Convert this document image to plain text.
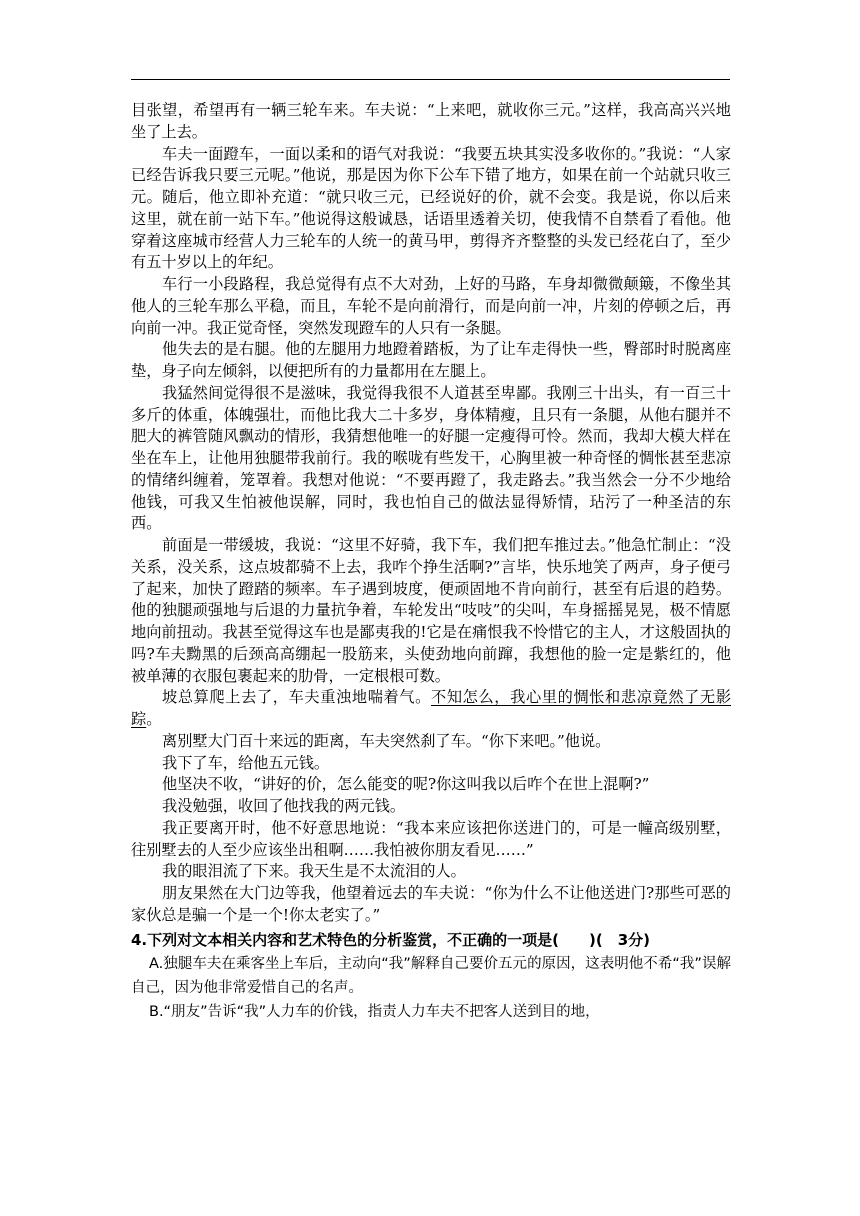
目张望，希望再有一辆三轮车来。车夫说：“上来吧，就收你三元。”这样，我高高兴兴地坐了上去。

车夫一面蹬车，一面以柔和的语气对我说：“我要五块其实没多收你的。”我说：“人家已经告诉我只要三元呢。”他说，那是因为你下公车下错了地方，如果在前一个站就只收三元。随后，他立即补充道：“就只收三元，已经说好的价，就不会变。我是说，你以后来这里，就在前一站下车。”他说得这般诚恳，话语里透着关切，使我情不自禁看了看他。他穿着这座城市经营人力三轮车的人统一的黄马甲，剪得齐齐整整的头发已经花白了，至少有五十岁以上的年纪。

车行一小段路程，我总觉得有点不大对劲，上好的马路，车身却微微颠簸，不像坐其他人的三轮车那么平稳，而且，车轮不是向前滑行，而是向前一冲，片刻的停顿之后，再向前一冲。我正觉奇怪，突然发现蹬车的人只有一条腿。

他失去的是右腿。他的左腿用力地蹬着踏板，为了让车走得快一些，臀部时时脱离座垫，身子向左倾斜，以便把所有的力量都用在左腿上。

我猛然间觉得很不是滋味，我觉得我很不人道甚至卑鄙。我刚三十出头，有一百三十多斤的体重，体魄强壮，而他比我大二十多岁，身体精瘦，且只有一条腿，从他右腿并不肥大的裤管随风飘动的情形，我猜想他唯一的好腿一定瘦得可怜。然而，我却大模大样在坐在车上，让他用独腿带我前行。我的喉咙有些发干，心胸里被一种奇怪的惆怅甚至悲凉的情绪纠缠着，笼罩着。我想对他说：“不要再蹬了，我走路去。”我当然会一分不少地给他钱，可我又生怕被他误解，同时，我也怕自己的做法显得矫情，玷污了一种圣洁的东西。

前面是一带缓坡，我说：“这里不好骑，我下车，我们把车推过去。”他急忙制止：“没关系，没关系，这点坡都骑不上去，我咋个挣生活啊?”言毕，快乐地笑了两声，身子便弓了起来，加快了蹬踏的频率。车子遇到坡度，便顽固地不肯向前行，甚至有后退的趋势。他的独腿顽强地与后退的力量抗争着，车轮发出“吱吱”的尖叫，车身摇摇晃晃，极不情愿地向前扭动。我甚至觉得这车也是鄙夷我的!它是在痛恨我不怜惜它的主人，才这般固执的吗?车夫黝黑的后颈高高绷起一股筋来，头使劲地向前蹿，我想他的脸一定是紫红的，他被单薄的衣服包裹起来的肋骨，一定根根可数。

坡总算爬上去了，车夫重浊地喘着气。不知怎么，我心里的惆怅和悲凉竟然了无影踪。

离别墅大门百十来远的距离，车夫突然刹了车。“你下来吧。”他说。

我下了车，给他五元钱。

他坚决不收，“讲好的价，怎么能变的呢?你这叫我以后咋个在世上混啊?”

我没勉强，收回了他找我的两元钱。

我正要离开时，他不好意思地说：“我本来应该把你送进门的，可是一幢高级别墅，往别墅去的人至少应该坐出租啊……我怕被你朋友看见……”

我的眼泪流了下来。我天生是不太流泪的人。

朋友果然在大门边等我，他望着远去的车夫说：“你为什么不让他送进门?那些可恶的家伙总是骗一个是一个!你太老实了。”

4.下列对文本相关内容和艺术特色的分析鉴赏，不正确的一项是(　　)(　3分)

A.独腿车夫在乘客坐上车后，主动向“我”解释自己要价五元的原因，这表明他不希“我”误解自己，因为他非常爱惜自己的名声。

B.“朋友”告诉“我”人力车的价钱，指责人力车夫不把客人送到目的地，
